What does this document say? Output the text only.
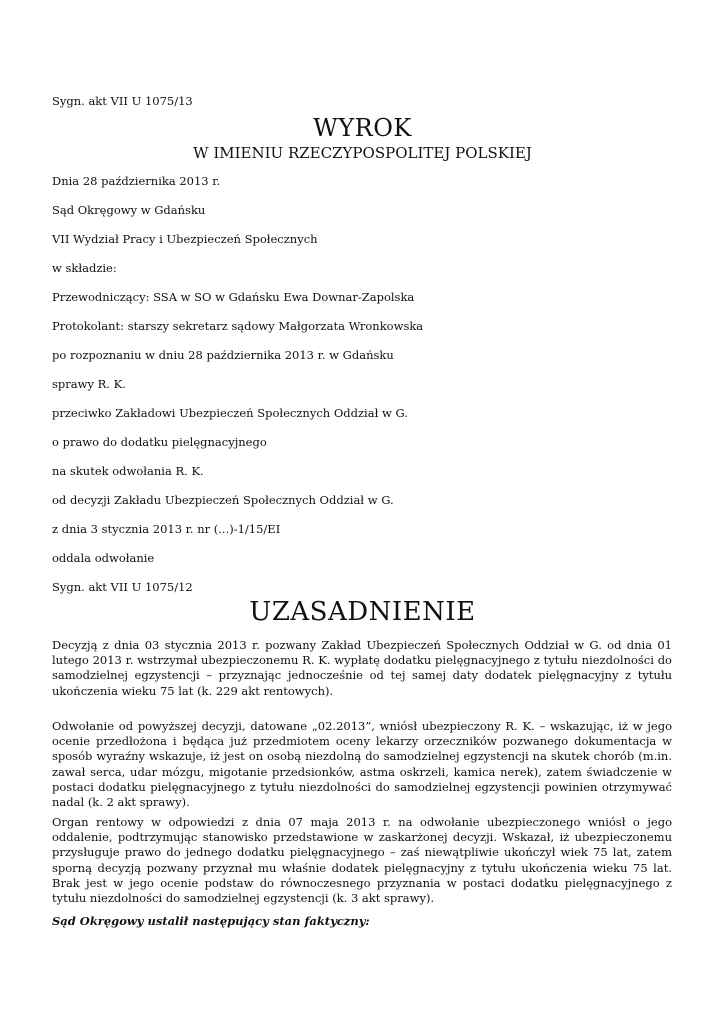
Sygn. akt VII U 1075/13
WYROK
W IMIENIU RZECZYPOSPOLITEJ POLSKIEJ
Dnia 28 października 2013 r.
Sąd Okręgowy w Gdańsku
VII Wydział Pracy i Ubezpieczeń Społecznych
w składzie:
Przewodniczący: SSA w SO w Gdańsku Ewa Downar-Zapolska
Protokolant: starszy sekretarz sądowy Małgorzata Wronkowska
po rozpoznaniu w dniu 28 października 2013 r. w Gdańsku
sprawy R. K.
przeciwko Zakładowi Ubezpieczeń Społecznych Oddział w G.
o prawo do dodatku pielęgnacyjnego
na skutek odwołania R. K.
od decyzji Zakładu Ubezpieczeń Społecznych Oddział w G.
z dnia 3 stycznia 2013 r. nr (...)-1/15/EI
oddala odwołanie
Sygn. akt VII U 1075/12
UZASADNIENIE
Decyzją z dnia 03 stycznia 2013 r. pozwany Zakład Ubezpieczeń Społecznych Oddział w G. od dnia 01 lutego 2013 r. wstrzymał ubezpieczonemu R. K. wypłatę dodatku pielęgnacyjnego z tytułu niezdolności do samodzielnej egzystencji – przyznając jednocześnie od tej samej daty dodatek pielęgnacyjny z tytułu ukończenia wieku 75 lat (k. 229 akt rentowych).
Odwołanie od powyższej decyzji, datowane „02.2013”, wniósł ubezpieczony R. K. – wskazując, iż w jego ocenie przedłożona i będąca już przedmiotem oceny lekarzy orzeczników pozwanego dokumentacja w sposób wyraźny wskazuje, iż jest on osobą niezdolną do samodzielnej egzystencji na skutek chorób (m.in. zawał serca, udar mózgu, migotanie przedsionków, astma oskrzeli, kamica nerek), zatem świadczenie w postaci dodatku pielęgnacyjnego z tytułu niezdolności do samodzielnej egzystencji powinien otrzymywać nadal (k. 2 akt sprawy).
Organ rentowy w odpowiedzi z dnia 07 maja 2013 r. na odwołanie ubezpieczonego wniósł o jego oddalenie, podtrzymując stanowisko przedstawione w zaskarżonej decyzji. Wskazał, iż ubezpieczonemu przysługuje prawo do jednego dodatku pielęgnacyjnego – zaś niewątpliwie ukończył wiek 75 lat, zatem sporną decyzją pozwany przyznał mu właśnie dodatek pielęgnacyjny z tytułu ukończenia wieku 75 lat. Brak jest w jego ocenie podstaw do równoczesnego przyznania w postaci dodatku pielęgnacyjnego z tytułu niezdolności do samodzielnej egzystencji (k. 3 akt sprawy).
Sąd Okręgowy ustalił następujący stan faktyczny:
